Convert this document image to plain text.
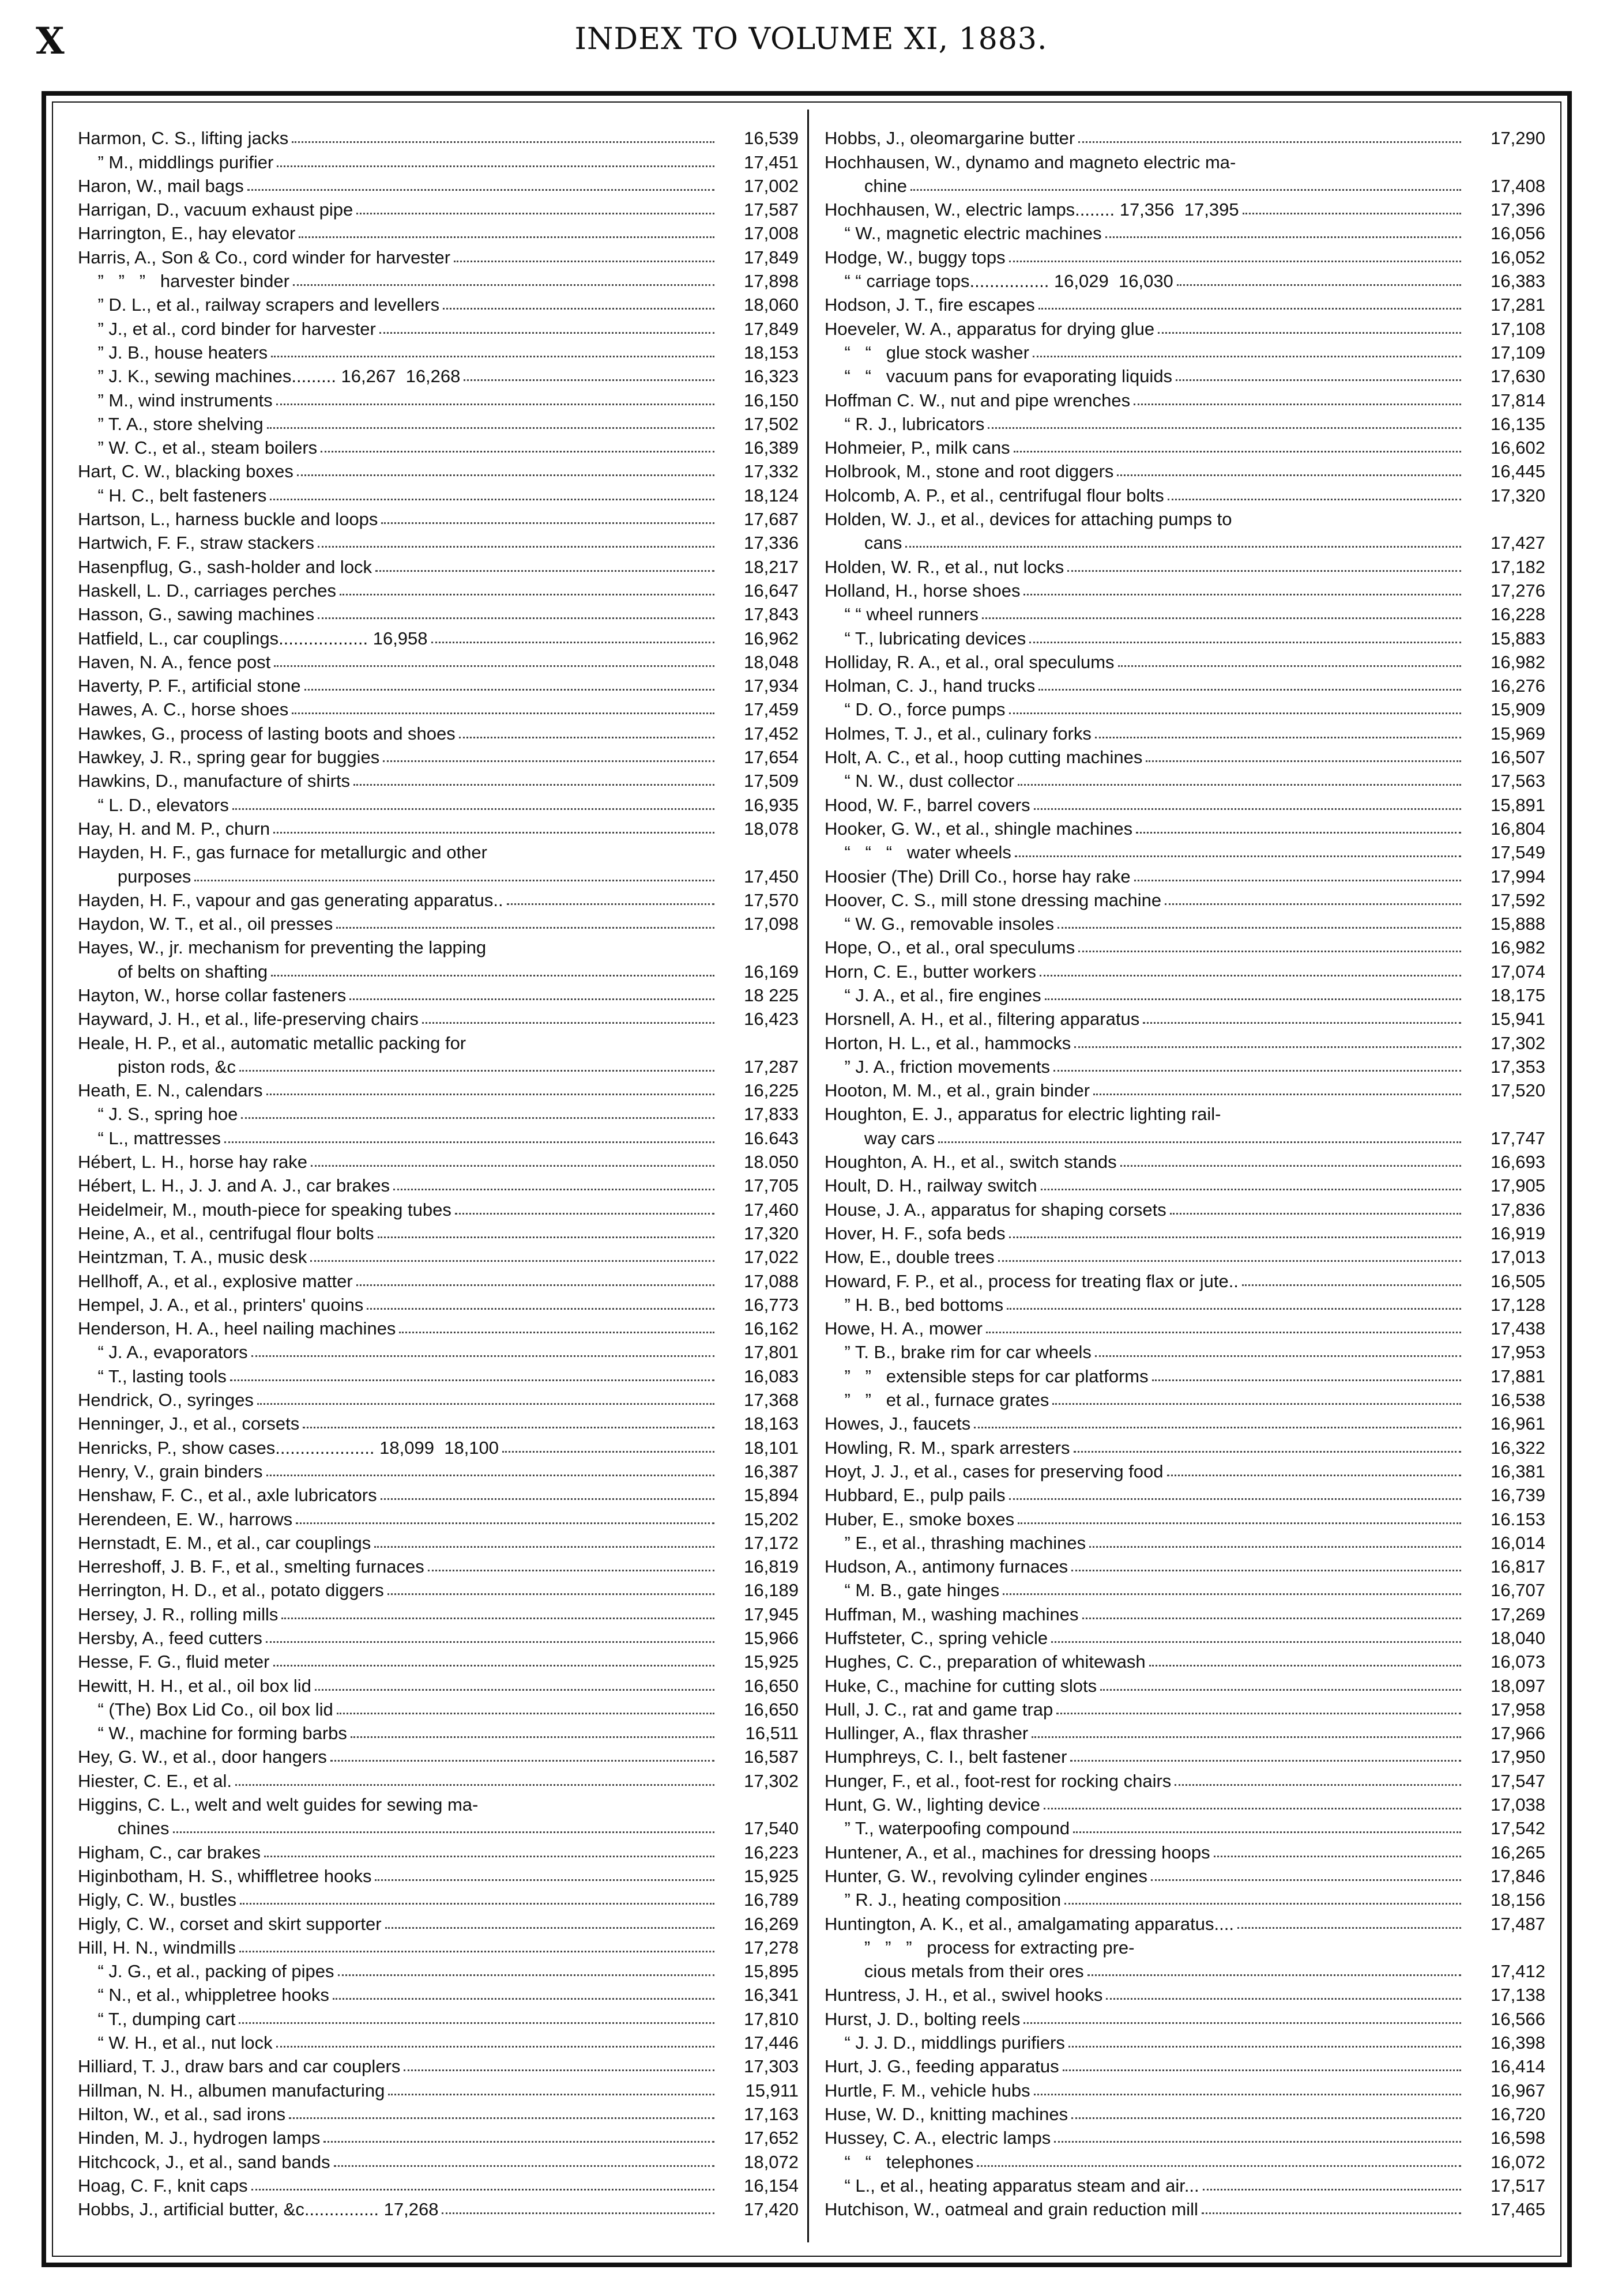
X	INDEX TO VOLUME XI, 1883.
Harmon, C. S., lifting jacks	16,539
” M., middlings purifier	17,451
Haron, W., mail bags	17,002
Harrigan, D., vacuum exhaust pipe	17,587
Harrington, E., hay elevator	17,008
Harris, A., Son & Co., cord winder for harvester	17,849
”   ”   ”   harvester binder	17,898
” D. L., et al., railway scrapers and levellers	18,060
” J., et al., cord binder for harvester	17,849
” J. B., house heaters	18,153
” J. K., sewing machines......... 16,267  16,268	16,323
” M., wind instruments	16,150
” T. A., store shelving	17,502
” W. C., et al., steam boilers	16,389
Hart, C. W., blacking boxes	17,332
“ H. C., belt fasteners	18,124
Hartson, L., harness buckle and loops	17,687
Hartwich, F. F., straw stackers	17,336
Hasenpflug, G., sash-holder and lock	18,217
Haskell, L. D., carriages perches	16,647
Hasson, G., sawing machines	17,843
Hatfield, L., car couplings.................. 16,958	16,962
Haven, N. A., fence post	18,048
Haverty, P. F., artificial stone	17,934
Hawes, A. C., horse shoes	17,459
Hawkes, G., process of lasting boots and shoes	17,452
Hawkey, J. R., spring gear for buggies	17,654
Hawkins, D., manufacture of shirts	17,509
“ L. D., elevators	16,935
Hay, H. and M. P., churn	18,078
Hayden, H. F., gas furnace for metallurgic and other
purposes	17,450
Hayden, H. F., vapour and gas generating apparatus..	17,570
Haydon, W. T., et al., oil presses	17,098
Hayes, W., jr. mechanism for preventing the lapping
of belts on shafting	16,169
Hayton, W., horse collar fasteners	18 225
Hayward, J. H., et al., life-preserving chairs	16,423
Heale, H. P., et al., automatic metallic packing for
piston rods, &c	17,287
Heath, E. N., calendars	16,225
“ J. S., spring hoe	17,833
“ L., mattresses	16.643
Hébert, L. H., horse hay rake	18.050
Hébert, L. H., J. J. and A. J., car brakes	17,705
Heidelmeir, M., mouth-piece for speaking tubes	17,460
Heine, A., et al., centrifugal flour bolts	17,320
Heintzman, T. A., music desk	17,022
Hellhoff, A., et al., explosive matter	17,088
Hempel, J. A., et al., printers' quoins	16,773
Henderson, H. A., heel nailing machines	16,162
“ J. A., evaporators	17,801
“ T., lasting tools	16,083
Hendrick, O., syringes	17,368
Henninger, J., et al., corsets	18,163
Henricks, P., show cases.................... 18,099  18,100	18,101
Henry, V., grain binders	16,387
Henshaw, F. C., et al., axle lubricators	15,894
Herendeen, E. W., harrows	15,202
Hernstadt, E. M., et al., car couplings	17,172
Herreshoff, J. B. F., et al., smelting furnaces	16,819
Herrington, H. D., et al., potato diggers	16,189
Hersey, J. R., rolling mills	17,945
Hersby, A., feed cutters	15,966
Hesse, F. G., fluid meter	15,925
Hewitt, H. H., et al., oil box lid	16,650
“ (The) Box Lid Co., oil box lid	16,650
“ W., machine for forming barbs	16,511
Hey, G. W., et al., door hangers	16,587
Hiester, C. E., et al.	17,302
Higgins, C. L., welt and welt guides for sewing ma-
chines	17,540
Higham, C., car brakes	16,223
Higinbotham, H. S., whiffletree hooks	15,925
Higly, C. W., bustles	16,789
Higly, C. W., corset and skirt supporter	16,269
Hill, H. N., windmills	17,278
“ J. G., et al., packing of pipes	15,895
“ N., et al., whippletree hooks	16,341
“ T., dumping cart	17,810
“ W. H., et al., nut lock	17,446
Hilliard, T. J., draw bars and car couplers	17,303
Hillman, N. H., albumen manufacturing	15,911
Hilton, W., et al., sad irons	17,163
Hinden, M. J., hydrogen lamps	17,652
Hitchcock, J., et al., sand bands	18,072
Hoag, C. F., knit caps	16,154
Hobbs, J., artificial butter, &c............... 17,268	17,420
Hobbs, J., oleomargarine butter	17,290
Hochhausen, W., dynamo and magneto electric ma-
chine	17,408
Hochhausen, W., electric lamps........ 17,356  17,395	17,396
“ W., magnetic electric machines	16,056
Hodge, W., buggy tops	16,052
“ “ carriage tops................ 16,029  16,030	16,383
Hodson, J. T., fire escapes	17,281
Hoeveler, W. A., apparatus for drying glue	17,108
“   “   glue stock washer	17,109
“   “   vacuum pans for evaporating liquids	17,630
Hoffman C. W., nut and pipe wrenches	17,814
“ R. J., lubricators	16,135
Hohmeier, P., milk cans	16,602
Holbrook, M., stone and root diggers	16,445
Holcomb, A. P., et al., centrifugal flour bolts	17,320
Holden, W. J., et al., devices for attaching pumps to
cans	17,427
Holden, W. R., et al., nut locks	17,182
Holland, H., horse shoes	17,276
“ “ wheel runners	16,228
“ T., lubricating devices	15,883
Holliday, R. A., et al., oral speculums	16,982
Holman, C. J., hand trucks	16,276
“ D. O., force pumps	15,909
Holmes, T. J., et al., culinary forks	15,969
Holt, A. C., et al., hoop cutting machines	16,507
“ N. W., dust collector	17,563
Hood, W. F., barrel covers	15,891
Hooker, G. W., et al., shingle machines	16,804
“   “   “   water wheels	17,549
Hoosier (The) Drill Co., horse hay rake	17,994
Hoover, C. S., mill stone dressing machine	17,592
“ W. G., removable insoles	15,888
Hope, O., et al., oral speculums	16,982
Horn, C. E., butter workers	17,074
“ J. A., et al., fire engines	18,175
Horsnell, A. H., et al., filtering apparatus	15,941
Horton, H. L., et al., hammocks	17,302
” J. A., friction movements	17,353
Hooton, M. M., et al., grain binder	17,520
Houghton, E. J., apparatus for electric lighting rail-
way cars	17,747
Houghton, A. H., et al., switch stands	16,693
Hoult, D. H., railway switch	17,905
House, J. A., apparatus for shaping corsets	17,836
Hover, H. F., sofa beds	16,919
How, E., double trees	17,013
Howard, F. P., et al., process for treating flax or jute..	16,505
” H. B., bed bottoms	17,128
Howe, H. A., mower	17,438
” T. B., brake rim for car wheels	17,953
”   ”   extensible steps for car platforms	17,881
”   ”   et al., furnace grates	16,538
Howes, J., faucets	16,961
Howling, R. M., spark arresters	16,322
Hoyt, J. J., et al., cases for preserving food	16,381
Hubbard, E., pulp pails	16,739
Huber, E., smoke boxes	16.153
” E., et al., thrashing machines	16,014
Hudson, A., antimony furnaces	16,817
“ M. B., gate hinges	16,707
Huffman, M., washing machines	17,269
Huffsteter, C., spring vehicle	18,040
Hughes, C. C., preparation of whitewash	16,073
Huke, C., machine for cutting slots	18,097
Hull, J. C., rat and game trap	17,958
Hullinger, A., flax thrasher	17,966
Humphreys, C. I., belt fastener	17,950
Hunger, F., et al., foot-rest for rocking chairs	17,547
Hunt, G. W., lighting device	17,038
” T., waterpoofing compound	17,542
Huntener, A., et al., machines for dressing hoops	16,265
Hunter, G. W., revolving cylinder engines	17,846
” R. J., heating composition	18,156
Huntington, A. K., et al., amalgamating apparatus....	17,487
”   ”   ”   process for extracting pre-
cious metals from their ores	17,412
Huntress, J. H., et al., swivel hooks	17,138
Hurst, J. D., bolting reels	16,566
“ J. J. D., middlings purifiers	16,398
Hurt, J. G., feeding apparatus	16,414
Hurtle, F. M., vehicle hubs	16,967
Huse, W. D., knitting machines	16,720
Hussey, C. A., electric lamps	16,598
“   “   telephones	16,072
“ L., et al., heating apparatus steam and air...	17,517
Hutchison, W., oatmeal and grain reduction mill	17,465
